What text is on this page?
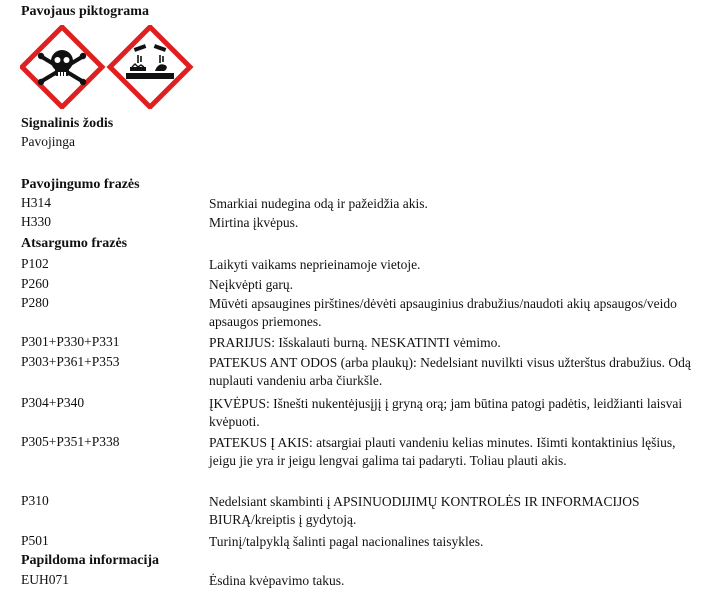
Pavojaus piktograma
Signalinis žodis
Pavojinga
Pavojingumo frazės
H314	Smarkiai nudegina odą ir pažeidžia akis.
H330	Mirtina įkvėpus.
Atsargumo frazės
P102	Laikyti vaikams neprieinamoje vietoje.
P260	Neįkvėpti garų.
P280	Mūvėti apsaugines pirštines/dėvėti apsauginius drabužius/naudoti akių apsaugos/veido apsaugos priemones.
P301+P330+P331	PRARIJUS: Išskalauti burną. NESKATINTI vėmimo.
P303+P361+P353	PATEKUS ANT ODOS (arba plaukų): Nedelsiant nuvilkti visus užterštus drabužius. Odą nuplauti vandeniu arba čiurkšle.
P304+P340	ĮKVĖPUS: Išnešti nukentėjusįjį į gryną orą; jam būtina patogi padėtis, leidžianti laisvai kvėpuoti.
P305+P351+P338	PATEKUS Į AKIS: atsargiai plauti vandeniu kelias minutes. Išimti kontaktinius lęšius, jeigu jie yra ir jeigu lengvai galima tai padaryti. Toliau plauti akis.
P310	Nedelsiant skambinti į APSINUODIJIMŲ KONTROLĖS IR INFORMACIJOS BIURĄ/kreiptis į gydytoją.
P501	Turinį/talpyklą šalinti pagal nacionalines taisykles.
Papildoma informacija
EUH071	Ėsdina kvėpavimo takus.
